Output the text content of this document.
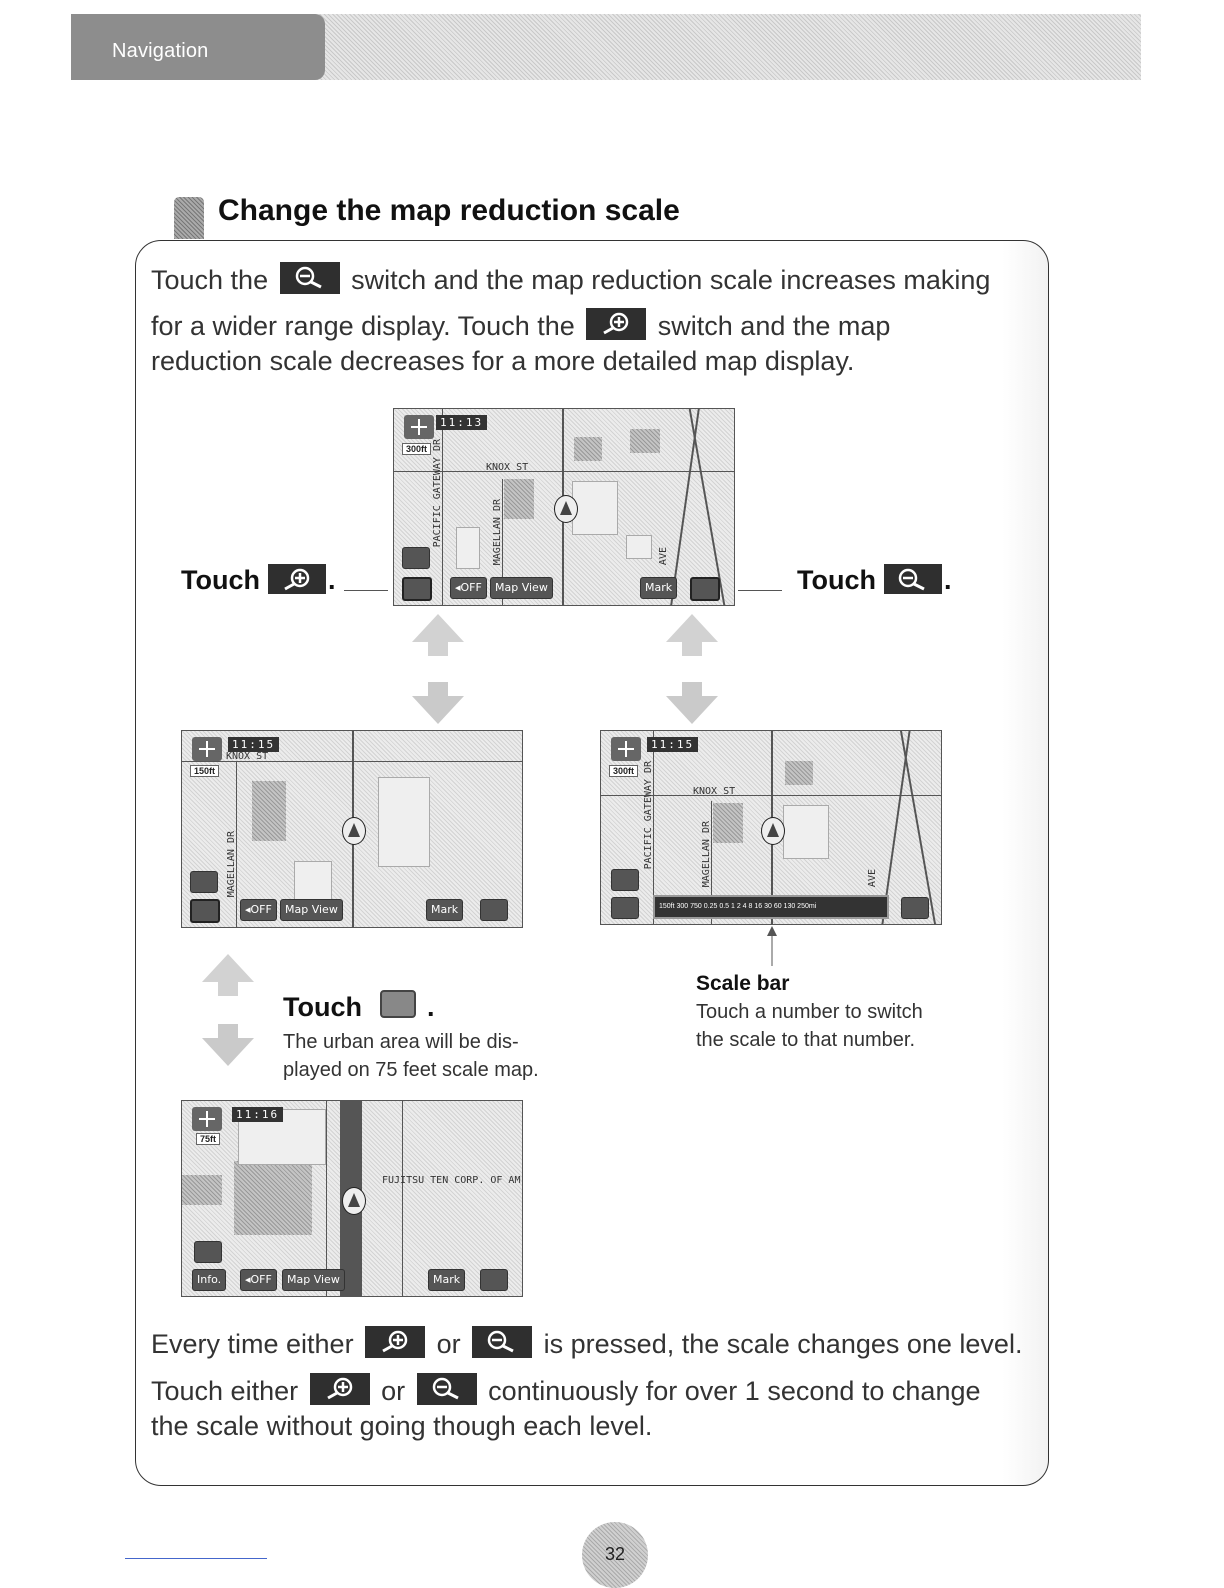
Navigation
Change the map reduction scale
Touch the	switch and the map reduction scale increases making
for a wider range display. Touch the	switch and the map
reduction scale decreases for a more detailed map display.
Touch	.	Touch	.
11:13
300ft
KNOX ST
PACIFIC GATEWAY DR	MAGELLAN DR	AVE
◂OFF	Map View	Mark
11:15
150ft
KNOX ST
MAGELLAN DR
◂OFF	Map View	Mark
11:15
300ft
KNOX ST
PACIFIC GATEWAY DR	MAGELLAN DR	AVE
150ft 300 750 0.25 0.5 1 2 4 8 16 30 60 130 250mi
Touch .
The urban area will be dis-
played on 75 feet scale map.
Scale bar
Touch a number to switch
the scale to that number.
11:16
75ft
FUJITSU TEN CORP. OF AM
Info.	◂OFF	Map View	Mark
Every time either	or	is pressed, the scale changes one level.
Touch either	or	continuously for over 1 second to change
the scale without going though each level.
32
